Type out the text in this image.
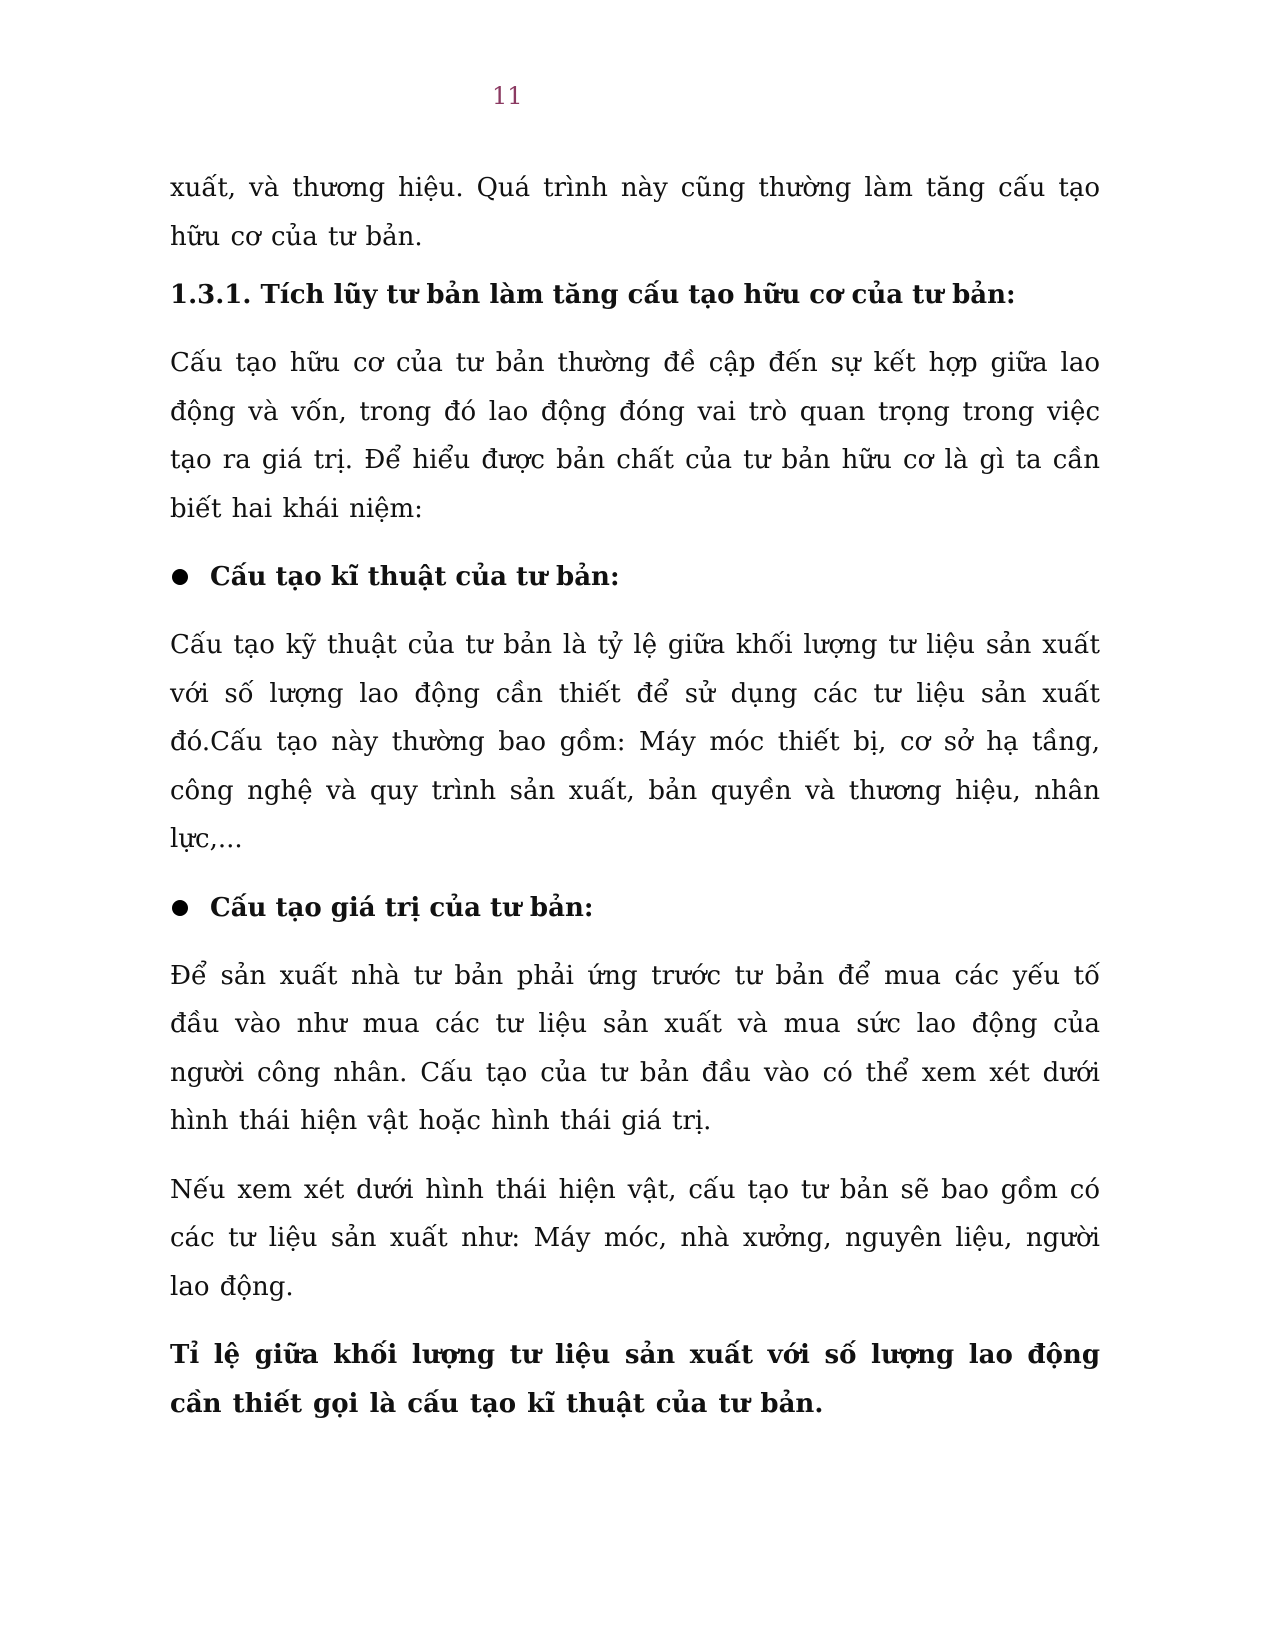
11

xuất, và thương hiệu. Quá trình này cũng thường làm tăng cấu tạo hữu cơ của tư bản.

1.3.1. Tích lũy tư bản làm tăng cấu tạo hữu cơ của tư bản:

Cấu tạo hữu cơ của tư bản thường đề cập đến sự kết hợp giữa lao động và vốn, trong đó lao động đóng vai trò quan trọng trong việc tạo ra giá trị. Để hiểu được bản chất của tư bản hữu cơ là gì ta cần biết hai khái niệm:

Cấu tạo kĩ thuật của tư bản:

Cấu tạo kỹ thuật của tư bản là tỷ lệ giữa khối lượng tư liệu sản xuất với số lượng lao động cần thiết để sử dụng các tư liệu sản xuất đó.Cấu tạo này thường bao gồm: Máy móc thiết bị, cơ sở hạ tầng, công nghệ và quy trình sản xuất, bản quyền và thương hiệu, nhân lực,...

Cấu tạo giá trị của tư bản:

Để sản xuất nhà tư bản phải ứng trước tư bản để mua các yếu tố đầu vào như mua các tư liệu sản xuất và mua sức lao động của người công nhân. Cấu tạo của tư bản đầu vào có thể xem xét dưới hình thái hiện vật hoặc hình thái giá trị.

Nếu xem xét dưới hình thái hiện vật, cấu tạo tư bản sẽ bao gồm có các tư liệu sản xuất như: Máy móc, nhà xưởng, nguyên liệu, người lao động.

Tỉ lệ giữa khối lượng tư liệu sản xuất với số lượng lao động cần thiết gọi là cấu tạo kĩ thuật của tư bản.
